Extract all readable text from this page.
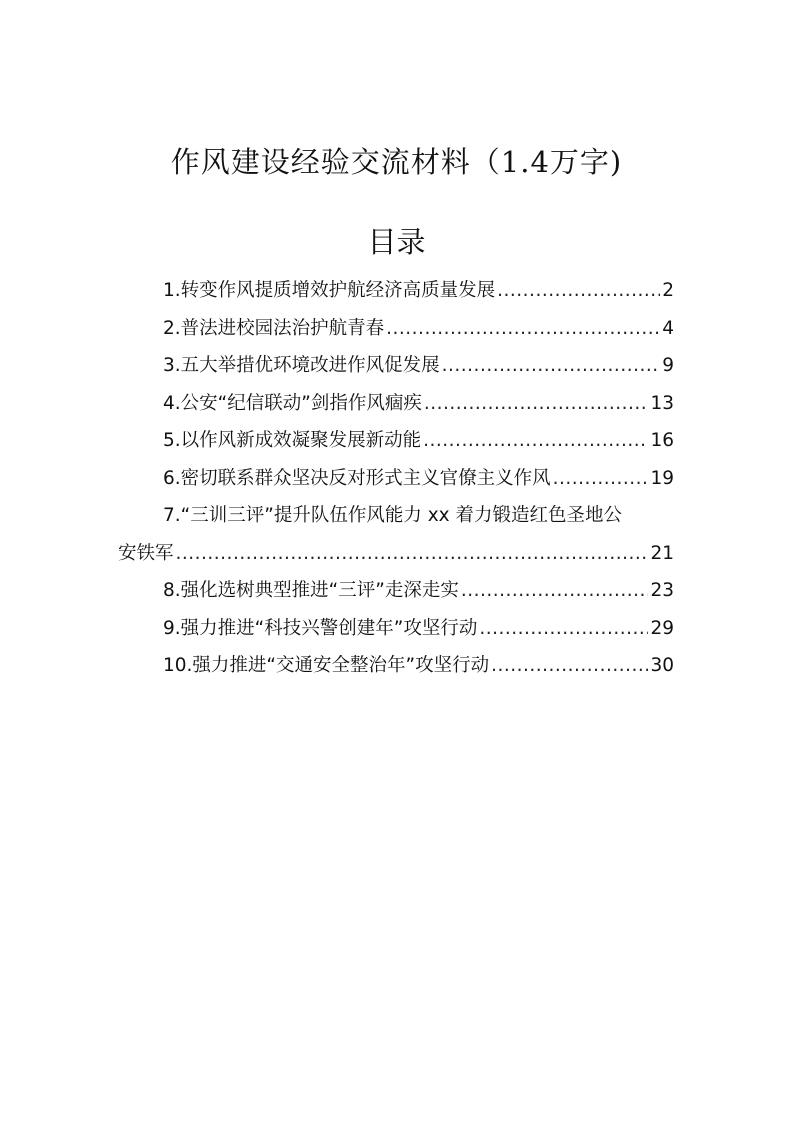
作风建设经验交流材料（1.4万字)
目录
1.转变作风提质增效护航经济高质量发展 .....	2
2.普法进校园法治护航青春 .....	4
3.五大举措优环境改进作风促发展 .....	9
4.公安“纪信联动”剑指作风痼疾 .....	13
5.以作风新成效凝聚发展新动能 .....	16
6.密切联系群众坚决反对形式主义官僚主义作风 .....	19
7.“三训三评”提升队伍作风能力 xx 着力锻造红色圣地公
安铁军 .....	21
8.强化选树典型推进“三评”走深走实 .....	23
9.强力推进“科技兴警创建年”攻坚行动 .....	29
10.强力推进“交通安全整治年”攻坚行动 .....	30
